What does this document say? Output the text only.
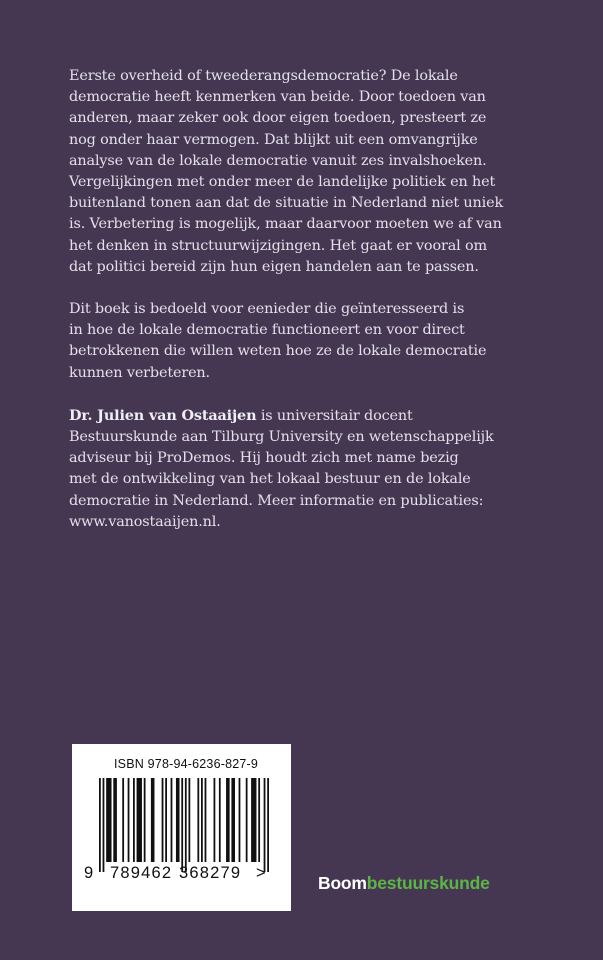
Eerste overheid of tweederangsdemocratie? De lokale
democratie heeft kenmerken van beide. Door toedoen van
anderen, maar zeker ook door eigen toedoen, presteert ze
nog onder haar vermogen. Dat blijkt uit een omvangrijke
analyse van de lokale democratie vanuit zes invalshoeken.
Vergelijkingen met onder meer de landelijke politiek en het
buitenland tonen aan dat de situatie in Nederland niet uniek
is. Verbetering is mogelijk, maar daarvoor moeten we af van
het denken in structuurwijzigingen. Het gaat er vooral om
dat politici bereid zijn hun eigen handelen aan te passen.

Dit boek is bedoeld voor eenieder die geïnteresseerd is
in hoe de lokale democratie functioneert en voor direct
betrokkenen die willen weten hoe ze de lokale democratie
kunnen verbeteren.

Dr. Julien van Ostaaijen is universitair docent
Bestuurskunde aan Tilburg University en wetenschappelijk
adviseur bij ProDemos. Hij houdt zich met name bezig
met de ontwikkeling van het lokaal bestuur en de lokale
democratie in Nederland. Meer informatie en publicaties:
www.vanostaaijen.nl.

ISBN 978-94-6236-827-9
9 789462 368279 >	Boombestuurskunde
